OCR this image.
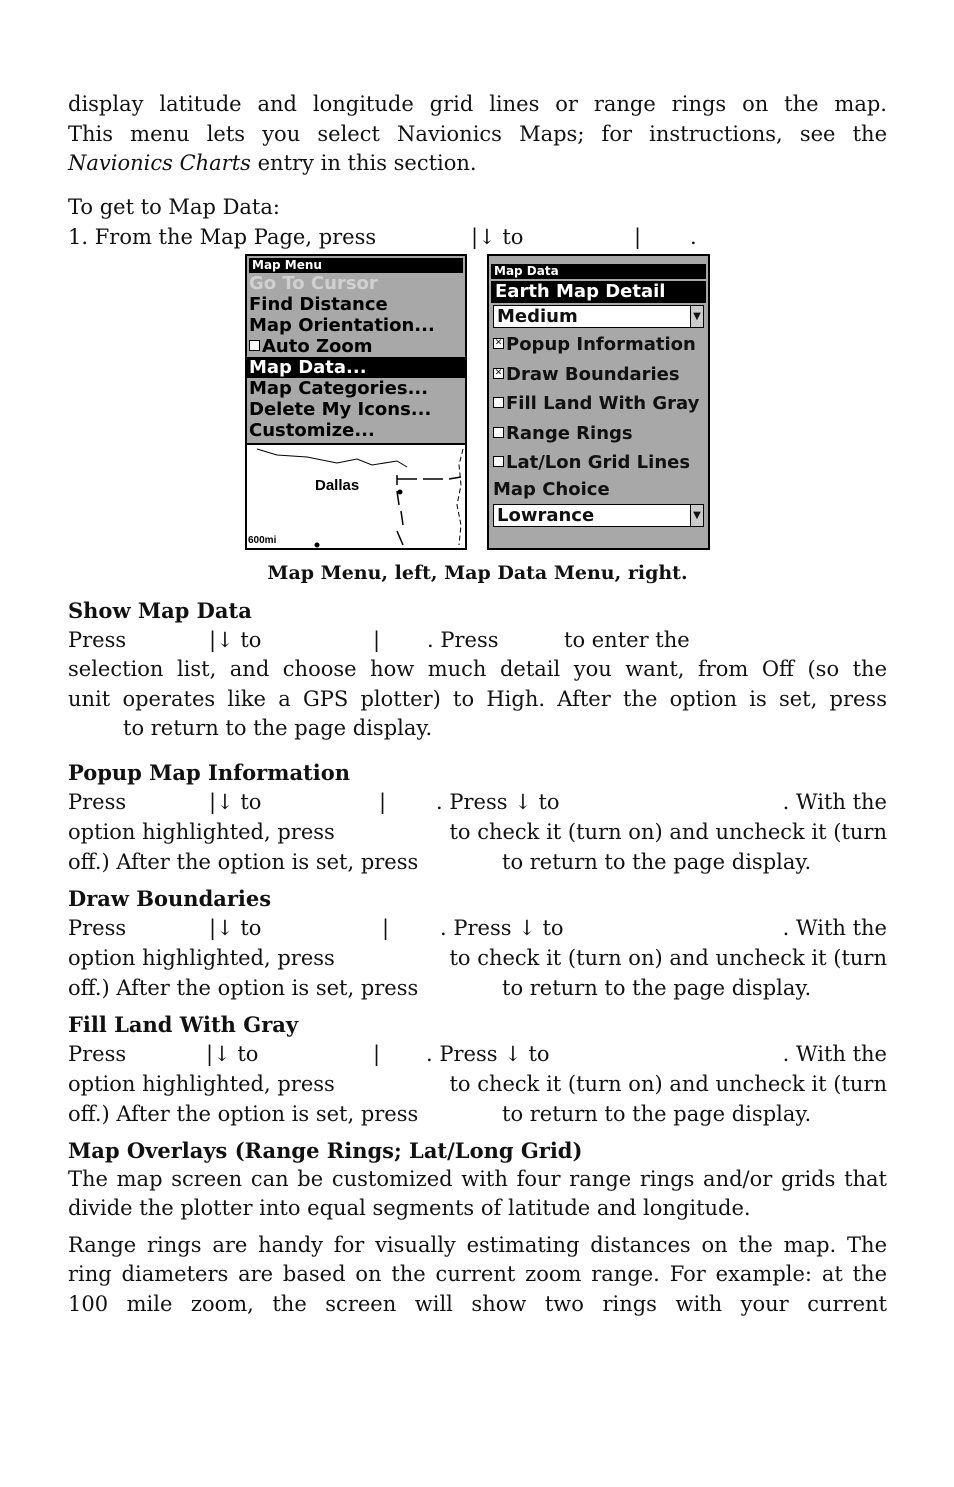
display latitude and longitude grid lines or range rings on the map.

This menu lets you select Navionics Maps; for instructions, see the

Navionics Charts entry in this section.

To get to Map Data:

1. From the Map Page, press	|↓ to	| .
Map Menu
Go To Cursor
Find Distance
Map Orientation...
Auto Zoom
Map Data...
Map Categories...
Delete My Icons...
Customize...
Dallas
600mi
Map Data
Earth Map Detail
Medium	▼
✕ Popup Information
✕ Draw Boundaries
Fill Land With Gray
Range Rings
Lat/Lon Grid Lines
Map Choice
Lowrance	▼
Map Menu, left, Map Data Menu, right.

Show Map Data

Press	|↓ to	| . Press	to enter the

selection list, and choose how much detail you want, from Off (so the

unit operates like a GPS plotter) to High. After the option is set, press

to return to the page display.

Popup Map Information

Press	|↓ to	| . Press ↓ to	. With the
option highlighted, press	to check it (turn on) and uncheck it (turn
off.) After the option is set, press	to return to the page display.

Draw Boundaries

Press	|↓ to	| . Press ↓ to	. With the
option highlighted, press	to check it (turn on) and uncheck it (turn
off.) After the option is set, press	to return to the page display.

Fill Land With Gray

Press	|↓ to	| . Press ↓ to	. With the
option highlighted, press	to check it (turn on) and uncheck it (turn
off.) After the option is set, press	to return to the page display.

Map Overlays (Range Rings; Lat/Long Grid)

The map screen can be customized with four range rings and/or grids that divide the plotter into equal segments of latitude and longitude.

Range rings are handy for visually estimating distances on the map. The ring diameters are based on the current zoom range. For example: at the 100 mile zoom, the screen will show two rings with your current
